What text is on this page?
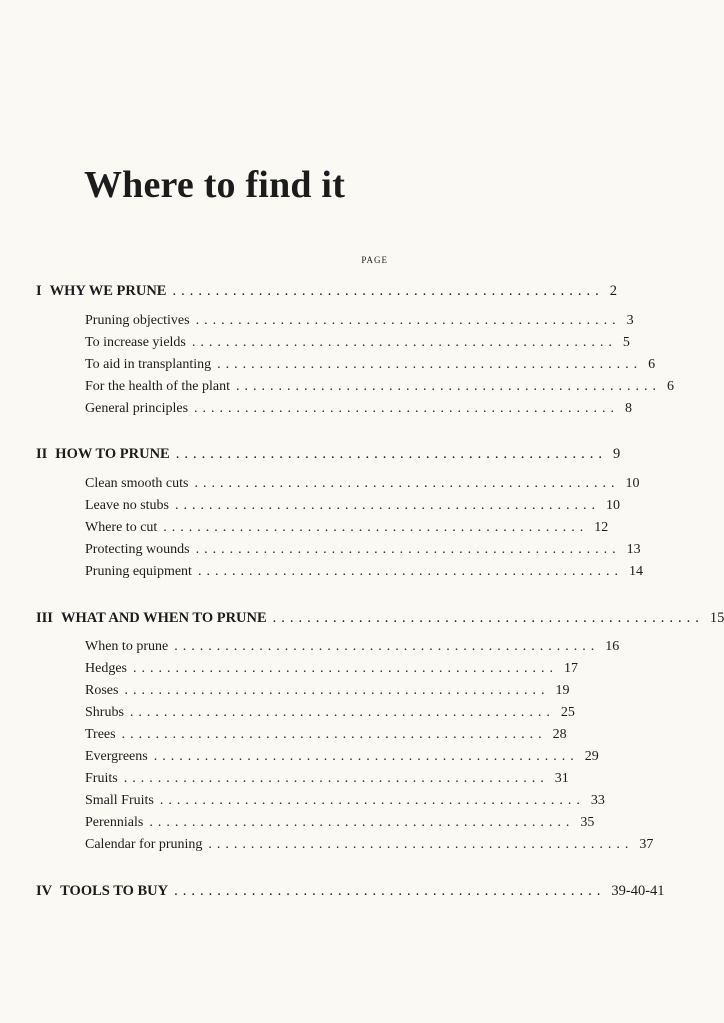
Where to find it
PAGE
I WHY WE PRUNE .................................................. 2
Pruning objectives .................................................. 3
To increase yields .................................................. 5
To aid in transplanting .................................................. 6
For the health of the plant .................................................. 6
General principles .................................................. 8
II HOW TO PRUNE .................................................. 9
Clean smooth cuts .................................................. 10
Leave no stubs .................................................. 10
Where to cut .................................................. 12
Protecting wounds .................................................. 13
Pruning equipment .................................................. 14
III WHAT AND WHEN TO PRUNE .................................................. 15
When to prune .................................................. 16
Hedges .................................................. 17
Roses .................................................. 19
Shrubs .................................................. 25
Trees .................................................. 28
Evergreens .................................................. 29
Fruits .................................................. 31
Small Fruits .................................................. 33
Perennials .................................................. 35
Calendar for pruning .................................................. 37
IV TOOLS TO BUY .................................................. 39-40-41
